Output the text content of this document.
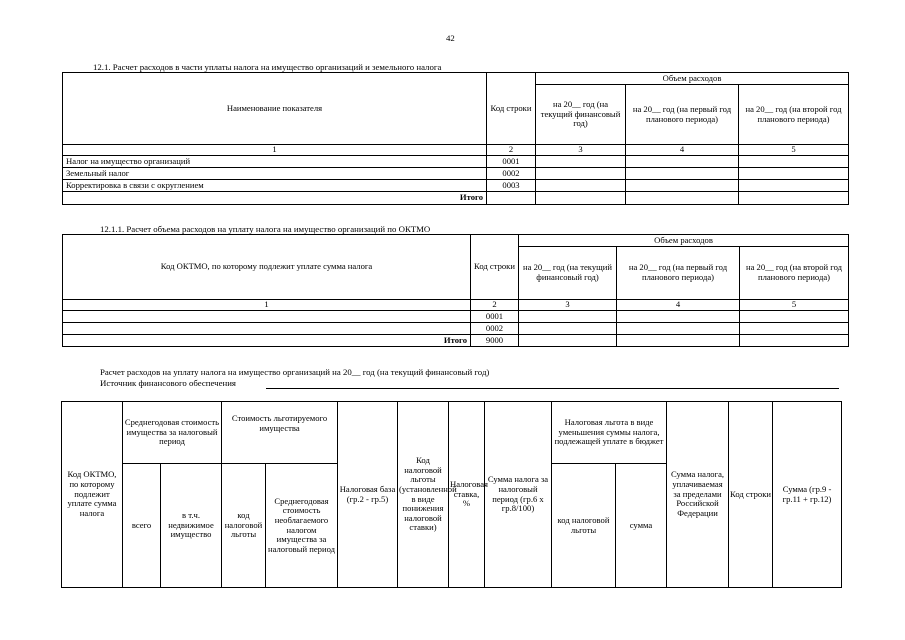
42
12.1. Расчет расходов в части уплаты налога на имущество организаций и земельного налога
Наименование показателя	Код строки	Объем расходов		
		на 20__ год (на текущий финансовый год)	на 20__ год (на первый год планового периода)	на 20__ год (на второй год планового периода)
1	2	3	4	5
Налог на имущество организаций	0001			
Земельный налог	0002			
Корректировка в связи с округлением	0003			
Итого				
12.1.1. Расчет объема расходов на уплату налога на имущество организаций по ОКТМО
Код ОКТМО, по которому подлежит уплате сумма налога	Код строки	Объем расходов		
		на 20__ год (на текущий финансовый год)	на 20__ год (на первый год планового периода)	на 20__ год (на второй год планового периода)
1	2	3	4	5
	0001			
	0002			
Итого	9000			
Расчет расходов на уплату налога на имущество организаций на 20__ год (на текущий финансовый год)
Источник финансового обеспечения
Код ОКТМО, по которому подлежит уплате сумма налога	Среднегодовая стоимость имущества за налоговый период		Стоимость льготируемого имущества		Налоговая база (гр.2 - гр.5)	Код налоговой льготы (установленной в виде понижения налоговой ставки)	Налоговая ставка, %	Сумма налога за налоговый период (гр.6 x гр.8/100)	Налоговая льгота в виде уменьшения суммы налога, подлежащей уплате в бюджет		Сумма налога, уплачиваемая за пределами Российской Федерации	Код строки	Сумма (гр.9 - гр.11 + гр.12)
	всего	в т.ч. недвижимое имущество	код налоговой льготы	Среднегодовая стоимость необлагаемого налогом имущества за налоговый период					код налоговой льготы	сумма			
